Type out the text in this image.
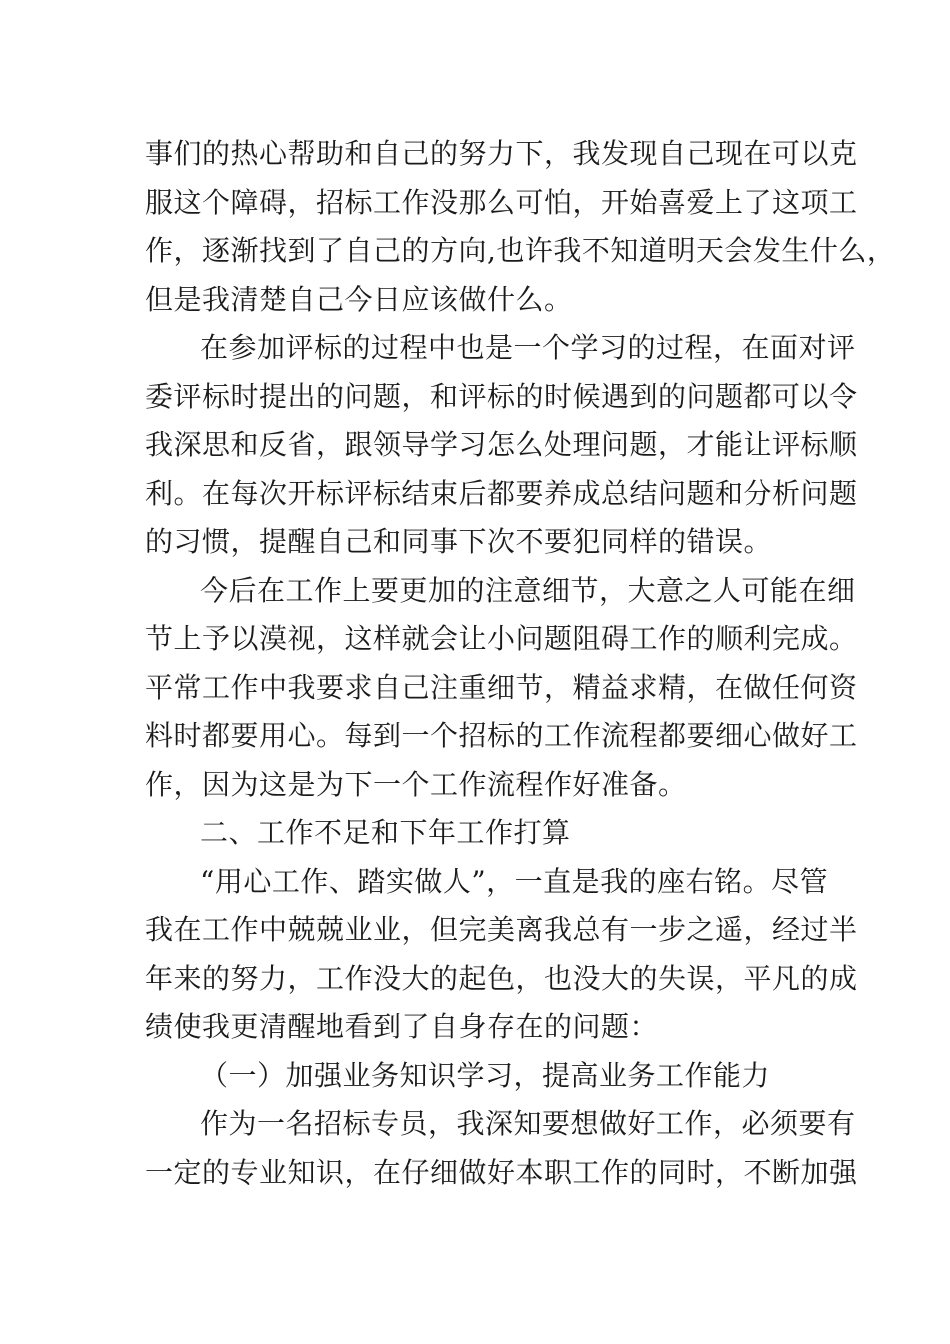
事们的热心帮助和自己的努力下，我发现自己现在可以克
服这个障碍，招标工作没那么可怕，开始喜爱上了这项工
作，逐渐找到了自己的方向,也许我不知道明天会发生什么，
但是我清楚自己今日应该做什么。
在参加评标的过程中也是一个学习的过程，在面对评
委评标时提出的问题，和评标的时候遇到的问题都可以令
我深思和反省，跟领导学习怎么处理问题，才能让评标顺
利。在每次开标评标结束后都要养成总结问题和分析问题
的习惯，提醒自己和同事下次不要犯同样的错误。
今后在工作上要更加的注意细节，大意之人可能在细
节上予以漠视，这样就会让小问题阻碍工作的顺利完成。
平常工作中我要求自己注重细节，精益求精，在做任何资
料时都要用心。每到一个招标的工作流程都要细心做好工
作，因为这是为下一个工作流程作好准备。
二、工作不足和下年工作打算
“用心工作、踏实做人”，一直是我的座右铭。尽管
我在工作中兢兢业业，但完美离我总有一步之遥，经过半
年来的努力，工作没大的起色，也没大的失误，平凡的成
绩使我更清醒地看到了自身存在的问题：
（一）加强业务知识学习，提高业务工作能力
作为一名招标专员，我深知要想做好工作，必须要有
一定的专业知识，在仔细做好本职工作的同时，不断加强
